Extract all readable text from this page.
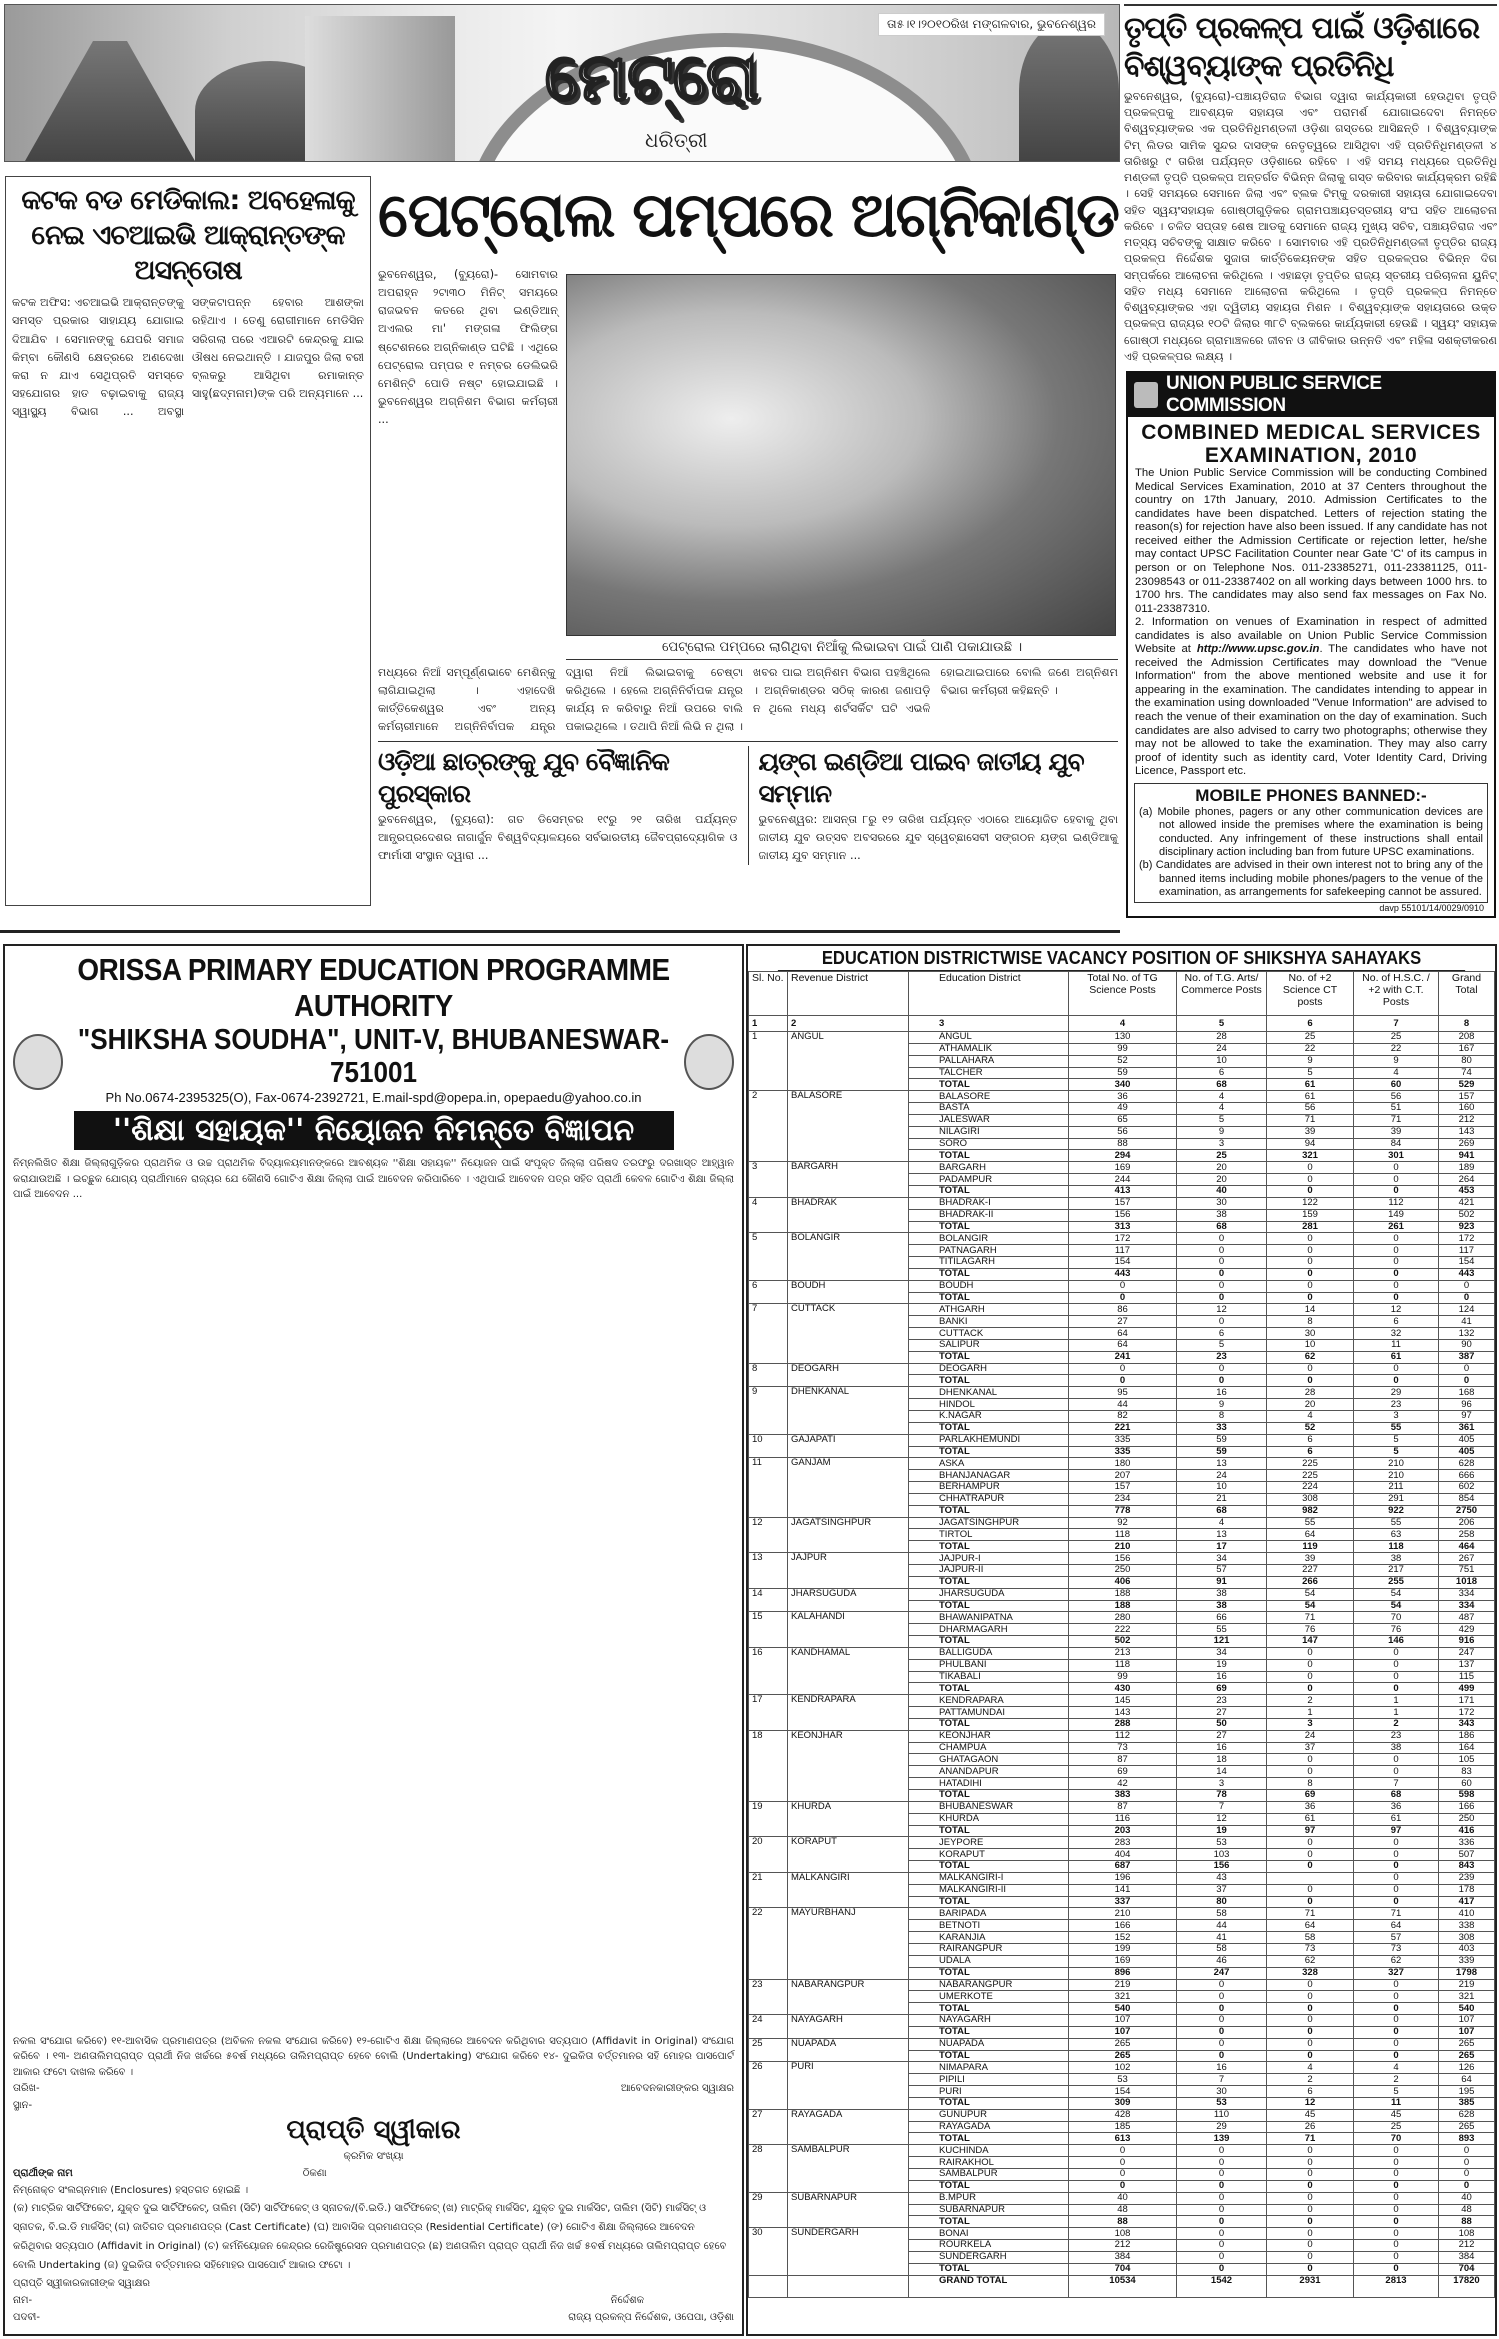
ମେଟ୍ରୋ
ଧରିତ୍ରୀ
ତା୫।୧।୨୦୧୦ରିଖ ମଙ୍ଗଳବାର, ଭୁବନେଶ୍ୱର ତୃପ୍ତି ପ୍ରକଳ୍ପ ପାଇଁ ଓଡ଼ିଶାରେ ବିଶ୍ୱବ୍ୟାଙ୍କ ପ୍ରତିନିଧି
ଭୁବନେଶ୍ୱର, (ବ୍ୟୁରୋ)-ପଞ୍ଚାୟତିରାଜ ବିଭାଗ ଦ୍ୱାରା କାର୍ଯ୍ୟକାରୀ ହେଉଥିବା ତୃପ୍ତି ପ୍ରକଳ୍ପକୁ ଆବଶ୍ୟକ ସହାୟତା ଏବଂ ପରାମର୍ଶ ଯୋଗାଇଦେବା ନିମନ୍ତେ ବିଶ୍ୱବ୍ୟାଙ୍କର ଏକ ପ୍ରତିନିଧିମଣ୍ଡଳୀ ଓଡ଼ିଶା ଗସ୍ତରେ ଆସିଛନ୍ତି । ବିଶ୍ୱବ୍ୟାଙ୍କ ଟିମ୍ ଲିଡର ସାମିକ ସୁନ୍ଦର ଦାସଙ୍କ ନେତୃତ୍ୱରେ ଆସିଥିବା ଏହି ପ୍ରତିନିଧିମଣ୍ଡଳୀ ୪ ତାରିଖରୁ ୯ ତାରିଖ ପର୍ଯ୍ୟନ୍ତ ଓଡ଼ିଶାରେ ରହିବେ । ଏହି ସମୟ ମଧ୍ୟରେ ପ୍ରତିନିଧି ମଣ୍ଡଳୀ ତୃପ୍ତି ପ୍ରକଳ୍ପ ଅନ୍ତର୍ଗତ ବିଭିନ୍ନ ଜିଲାକୁ ଗସ୍ତ କରିବାର କାର୍ଯ୍ୟକ୍ରମ ରହିଛି । ସେହି ସମୟରେ ସେମାନେ ଜିଲା ଏବଂ ବ୍ଲକ ଟିମ୍‌କୁ ଦରକାରୀ ସହାୟତା ଯୋଗାଇଦେବା ସହିତ ସ୍ୱୟଂସହାୟକ ଗୋଷ୍ଠୀଗୁଡ଼ିକର ଗ୍ରାମପଞ୍ଚାୟତସ୍ତରୀୟ ସଂଘ ସହିତ ଆଲୋଚନା କରିବେ । ଚଳିତ ସପ୍ତାହ ଶେଷ ଆଡକୁ ସେମାନେ ରାଜ୍ୟ ମୁଖ୍ୟ ସଚିବ, ପଞ୍ଚାୟତିରାଜ ଏବଂ ମତ୍ସ୍ୟ ସଚିବଙ୍କୁ ସାକ୍ଷାତ କରିବେ । ସୋମବାର ଏହି ପ୍ରତିନିଧିମଣ୍ଡଳୀ ତୃପ୍ତିର ରାଜ୍ୟ ପ୍ରକଳ୍ପ ନିର୍ଦ୍ଦେଶକ ସୁଜାତା କାର୍ତ୍ତିକେୟନଙ୍କ ସହିତ ପ୍ରକଳ୍ପର ବିଭିନ୍ନ ଦିଗ ସମ୍ପର୍କରେ ଆଲୋଚନା କରିଥିଲେ । ଏହାଛଡ଼ା ତୃପ୍ତିର ରାଜ୍ୟ ସ୍ତରୀୟ ପରିଚାଳନା ୟୁନିଟ୍ ସହିତ ମଧ୍ୟ ସେମାନେ ଆଲୋଚନା କରିଥିଲେ । ତୃପ୍ତି ପ୍ରକଳ୍ପ ନିମନ୍ତେ ବିଶ୍ୱବ୍ୟାଙ୍କର ଏହା ଦ୍ୱିତୀୟ ସହାୟତା ମିଶନ । ବିଶ୍ୱବ୍ୟାଙ୍କ ସହାୟତାରେ ଉକ୍ତ ପ୍ରକଳ୍ପ ରାଜ୍ୟର ୧୦ଟି ଜିଲାର ୩୮ଟି ବ୍ଲକରେ କାର୍ଯ୍ୟକାରୀ ହେଉଛି । ସ୍ୱୟଂ ସହାୟକ ଗୋଷ୍ଠୀ ମଧ୍ୟରେ ଗ୍ରାମାଞ୍ଚଳରେ ଜୀବନ ଓ ଜୀବିକାର ଉନ୍ନତି ଏବଂ ମହିଳା ସଶକ୍ତୀକରଣ ଏହି ପ୍ରକଳ୍ପର ଲକ୍ଷ୍ୟ ।
UNION PUBLIC SERVICE COMMISSION
COMBINED MEDICAL SERVICES EXAMINATION, 2010

The Union Public Service Commission will be conducting Combined Medical Services Examination, 2010 at 37 Centers throughout the country on 17th January, 2010. Admission Certificates to the candidates have been dispatched. Letters of rejection stating the reason(s) for rejection have also been issued. If any candidate has not received either the Admission Certificate or rejection letter, he/she may contact UPSC Facilitation Counter near Gate 'C' of its campus in person or on Telephone Nos. 011-23385271, 011-23381125, 011-23098543 or 011-23387402 on all working days between 1000 hrs. to 1700 hrs. The candidates may also send fax messages on Fax No. 011-23387310.

2. Information on venues of Examination in respect of admitted candidates is also available on Union Public Service Commission Website at http://www.upsc.gov.in. The candidates who have not received the Admission Certificates may download the "Venue Information" from the above mentioned website and use it for appearing in the examination. The candidates intending to appear in the examination using downloaded "Venue Information" are advised to reach the venue of their examination on the day of examination. Such candidates are also advised to carry two photographs; otherwise they may not be allowed to take the examination. They may also carry proof of identity such as identity card, Voter Identity Card, Driving Licence, Passport etc.

MOBILE PHONES BANNED:-

(a) Mobile phones, pagers or any other communication devices are not allowed inside the premises where the examination is being conducted. Any infringement of these instructions shall entail disciplinary action including ban from future UPSC examinations.

(b) Candidates are advised in their own interest not to bring any of the banned items including mobile phones/pagers to the venue of the examination, as arrangements for safekeeping cannot be assured.

davp 55101/14/0029/0910
କଟକ ବଡ ମେଡିକାଲ: ଅବହେଳାକୁ ନେଇ ଏଚଆଇଭି ଆକ୍ରାନ୍ତଙ୍କ ଅସନ୍ତୋଷ
କଟକ ଅଫିସ: ଏଚଆଇଭି ଆକ୍ରାନ୍ତଙ୍କୁ ସମସ୍ତ ପ୍ରକାର ସାହାଯ୍ୟ ଯୋଗାଇ ଦିଆଯିବ । ସେମାନଙ୍କୁ ଯେପରି ସମାଜ କିମ୍ବା କୌଣସି କ୍ଷେତ୍ରରେ ଅଣଦେଖା କରା ନ ଯାଏ ସେଥିପ୍ରତି ସମସ୍ତେ ସହଯୋଗର ହାତ ବଢ଼ାଇବାକୁ ରାଜ୍ୟ ସ୍ୱାସ୍ଥ୍ୟ ବିଭାଗ ... ଅବସ୍ଥା ସଙ୍କଟାପନ୍ନ ହେବାର ଆଶଙ୍କା ରହିଥାଏ । ତେଣୁ ରୋଗୀମାନେ ମେଡିସିନ ସରିଗଲା ପରେ ଏଆରଟି କେନ୍ଦ୍ରକୁ ଯାଇ ଔଷଧ ନେଇଥାନ୍ତି । ଯାଜପୁର ଜିଲା ବରୀ ବ୍ଲକରୁ ଆସିଥିବା ରମାକାନ୍ତ ସାହୁ(ଛଦ୍ମନାମ)ଙ୍କ ପରି ଅନ୍ୟମାନେ ...
ପେଟ୍ରୋଲ ପମ୍ପରେ ଅଗ୍ନିକାଣ୍ଡ
ଭୁବନେଶ୍ୱର, (ବ୍ୟୁରୋ)- ସୋମବାର ଅପରାହ୍ନ ୨ଟା୩୦ ମିନିଟ୍ ସମୟରେ ରାଜଭବନ କତରେ ଥିବା ଇଣ୍ଡିଆନ୍ ଅଏଲର ମା' ମଙ୍ଗଳା ଫିଲିଙ୍ଗ ଷ୍ଟେଶନରେ ଅଗ୍ନିକାଣ୍ଡ ଘଟିଛି । ଏଥିରେ ପେଟ୍ରୋଲ ପମ୍ପର ୧ ନମ୍ବର ଡେଲିଭରି ମେଶିନ୍‌ଟି ପୋଡି ନଷ୍ଟ ହୋଇଯାଇଛି । ଭୁବନେଶ୍ୱର ଅଗ୍ନିଶମ ବିଭାଗ କର୍ମଚାରୀ ...
ପେଟ୍ରୋଲ ପମ୍ପରେ ଲାଗିଥିବା ନିଆଁକୁ ଲିଭାଇବା ପାଇଁ ପାଣି ପକାଯାଉଛି ।
ମଧ୍ୟରେ ନିଆଁ ସମ୍ପୂର୍ଣ୍ଣଭାବେ ମେଶିନ୍‌କୁ ଲାଗିଯାଇଥିଲା । ଏହାଦେଖି କାର୍ତ୍ତିକେଶ୍ୱର ଏବଂ ଅନ୍ୟ କର୍ମଚାରୀମାନେ ଅଗ୍ନିନିର୍ବାପକ ଯନ୍ତ୍ର ଦ୍ୱାରା ନିଆଁ ଲିଭାଇବାକୁ ଚେଷ୍ଟା କରିଥିଲେ । ହେଲେ ଅଗ୍ନିନିର୍ବାପକ ଯନ୍ତ୍ର କାର୍ଯ୍ୟ ନ କରିବାରୁ ନିଆଁ ଉପରେ ବାଲି ପକାଇଥିଲେ । ତଥାପି ନିଆଁ ଲିଭି ନ ଥିଲା । ଖବର ପାଇ ଅଗ୍ନିଶମ ବିଭାଗ ପହଞ୍ଚିଥିଲେ । ଅଗ୍ନିକାଣ୍ଡର ସଠିକ୍ କାରଣ ଜଣାପଡ଼ି ନ ଥିଲେ ମଧ୍ୟ ଶର୍ଟସର୍କିଟ ଘଟି ଏଭଳି ହୋଇଥାଇପାରେ ବୋଲି ଜଣେ ଅଗ୍ନିଶମ ବିଭାଗ କର୍ମଚାରୀ କହିଛନ୍ତି ।
ଓଡ଼ିଆ ଛାତ୍ରଙ୍କୁ ଯୁବ ବୈଜ୍ଞାନିକ ପୁରସ୍କାର
ଭୁବନେଶ୍ୱର, (ବ୍ୟୁରୋ): ଗତ ଡିସେମ୍ବର ୧୯ରୁ ୨୧ ତାରିଖ ପର୍ଯ୍ୟନ୍ତ ଆନ୍ଧ୍ରପ୍ରଦେଶର ନାଗାର୍ଜୁନ ବିଶ୍ୱବିଦ୍ୟାଳୟରେ ସର୍ବଭାରତୀୟ ଜୈବପ୍ରାଦ୍ୟୋଗିକ ଓ ଫାର୍ମାସୀ ସଂସ୍ଥାନ ଦ୍ୱାରା ...
ୟଙ୍ଗ ଇଣ୍ଡିଆ ପାଇବ ଜାତୀୟ ଯୁବ ସମ୍ମାନ
ଭୁବନେଶ୍ୱର: ଆସନ୍ତା ୮ରୁ ୧୨ ତାରିଖ ପର୍ଯ୍ୟନ୍ତ ଏଠାରେ ଆୟୋଜିତ ହେବାକୁ ଥିବା ଜାତୀୟ ଯୁବ ଉତ୍ସବ ଅବସରରେ ଯୁବ ସ୍ୱେଚ୍ଛାସେବୀ ସଙ୍ଗଠନ ୟଙ୍ଗ ଇଣ୍ଡିଆକୁ ଜାତୀୟ ଯୁବ ସମ୍ମାନ ...
ORISSA PRIMARY EDUCATION PROGRAMME AUTHORITY
"SHIKSHA SOUDHA", UNIT-V, BHUBANESWAR-751001
Ph No.0674-2395325(O), Fax-0674-2392721, E.mail-spd@opepa.in, opepaedu@yahoo.co.in
''ଶିକ୍ଷା ସହାୟକ'' ନିୟୋଜନ ନିମନ୍ତେ ବିଜ୍ଞାପନ

ନିମ୍ନଲିଖିତ ଶିକ୍ଷା ଜିଲ୍ଲାଗୁଡ଼ିକର ପ୍ରାଥମିକ ଓ ଉଚ୍ଚ ପ୍ରାଥମିକ ବିଦ୍ୟାଳୟମାନଙ୍କରେ ଆବଶ୍ୟକ ''ଶିକ୍ଷା ସହାୟକ'' ନିୟୋଜନ ପାଇଁ ସଂପୃକ୍ତ ଜିଲ୍ଲା ପରିଷଦ ତରଫରୁ ଦରଖାସ୍ତ ଆହ୍ୱାନ କରାଯାଉଅଛି । ଇଚ୍ଛୁକ ଯୋଗ୍ୟ ପ୍ରାର୍ଥୀମାନେ ରାଜ୍ୟର ଯେ କୌଣସି ଗୋଟିଏ ଶିକ୍ଷା ଜିଲ୍ଲା ପାଇଁ ଆବେଦନ କରିପାରିବେ । ଏଥିପାଇଁ ଆବେଦନ ପତ୍ର ସହିତ ପ୍ରାର୍ଥୀ କେବଳ ଗୋଟିଏ ଶିକ୍ଷା ଜିଲ୍ଲା ପାଇଁ ଆବେଦନ ...

ନକଲ ସଂଯୋଗ କରିବେ) ୧୧-ଆବାସିକ ପ୍ରମାଣପତ୍ର (ଅବିକଳ ନକଲ ସଂଯୋଗ କରିବେ) ୧୨-ଗୋଟିଏ ଶିକ୍ଷା ଜିଲ୍ଲାରେ ଆବେଦନ କରିଥିବାର ସତ୍ୟପାଠ (Affidavit in Original) ସଂଯୋଗ କରିବେ । ୧୩- ଅଣତାଲିମପ୍ରାପ୍ତ ପ୍ରାର୍ଥୀ ନିଜ ଖର୍ଚ୍ଚରେ ୫ବର୍ଷ ମଧ୍ୟରେ ତାଲିମପ୍ରାପ୍ତ ହେବେ ବୋଲି (Undertaking) ସଂଯୋଗ କରିବେ ୧୪- ଦୁଇକିତା ବର୍ତ୍ତମାନର ସହି ମୋହର ପାସପୋର୍ଟ ଆକାର ଫଟୋ ଦାଖଲ କରିବେ ।

ତାରିଖ-	ଆବେଦନକାରୀଙ୍କର ସ୍ୱାକ୍ଷର
ସ୍ଥାନ-
ପ୍ରାପ୍ତି ସ୍ୱୀକାର
କ୍ରମିକ ସଂଖ୍ୟା
ପ୍ରାର୍ଥୀଙ୍କ ନାମ	ଠିକଣା
ନିମ୍ନୋକ୍ତ ସଂଲଗ୍ନମାନ (Enclosures) ହସ୍ତଗତ ହୋଇଛି ।
(କ) ମାଟ୍ରିକ ସାର୍ଟିଫିକେଟ, ଯୁକ୍ତ ଦୁଇ ସାର୍ଟିଫିକେଟ୍, ତାଲିମ (ସିଟି) ସାର୍ଟିଫିକେଟ୍ ଓ ସ୍ନାତକ/(ବି.ଇଡି.) ସାର୍ଟିଫିକେଟ୍ (ଖ) ମାଟ୍ରିକ୍ ମାର୍କସିଟ, ଯୁକ୍ତ ଦୁଇ ମାର୍କସିଟ, ତାଲିମ (ସିଟି) ମାର୍କସିଟ୍ ଓ ସ୍ନାତକ, ବି.ଇ.ଡି ମାର୍କସିଟ୍ (ଗ) ଜାତିଗତ ପ୍ରମାଣପତ୍ର (Cast Certificate) (ଘ) ଆବାସିକ ପ୍ରମାଣପତ୍ର (Residential Certificate) (ଙ) ଗୋଟିଏ ଶିକ୍ଷା ଜିଲ୍ଲାରେ ଆବେଦନ କରିଥିବାର ସତ୍ୟପାଠ (Affidavit in Original) (ଚ) କର୍ମନିୟୋଜନ କେନ୍ଦ୍ରର ରେଜିଷ୍ଟ୍ରେସନ ପ୍ରମାଣପତ୍ର (ଛ) ଅଣତାଲିମ ପ୍ରାପ୍ତ ପ୍ରାର୍ଥୀ ନିଜ ଖର୍ଚ୍ଚ ୫ବର୍ଷ ମଧ୍ୟରେ ତାଲିମପ୍ରାପ୍ତ ହେବେ ବୋଲି Undertaking (ଜ) ଦୁଇକିତା ବର୍ତ୍ତମାନର ସହିମୋହର ପାସପୋର୍ଟ ଆକାର ଫଟୋ ।
ପ୍ରାପ୍ତି ସ୍ୱୀକାରକାରୀଙ୍କ ସ୍ୱାକ୍ଷର
ନାମ-	ନିର୍ଦ୍ଦେଶକ
ପଦବୀ-	ରାଜ୍ୟ ପ୍ରକଳ୍ପ ନିର୍ଦ୍ଦେଶକ, ଓପେପା, ଓଡ଼ିଶା
EDUCATION DISTRICTWISE VACANCY POSITION OF SHIKSHYA SAHAYAKS
Sl. No.	Revenue District	Education District	Total No. of TG Science Posts	No. of T.G. Arts/ Commerce Posts	No. of +2 Science CT posts	No. of H.S.C. / +2 with C.T. Posts	Grand Total
1	2	3	4	5	6	7	8
1	ANGUL	ANGUL	130	28	25	25	208
		ATHAMALIK	99	24	22	22	167
		PALLAHARA	52	10	9	9	80
		TALCHER	59	6	5	4	74
		TOTAL	340	68	61	60	529
2	BALASORE	BALASORE	36	4	61	56	157
		BASTA	49	4	56	51	160
		JALESWAR	65	5	71	71	212
		NILAGIRI	56	9	39	39	143
		SORO	88	3	94	84	269
		TOTAL	294	25	321	301	941
3	BARGARH	BARGARH	169	20	0	0	189
		PADAMPUR	244	20	0	0	264
		TOTAL	413	40	0	0	453
4	BHADRAK	BHADRAK-I	157	30	122	112	421
		BHADRAK-II	156	38	159	149	502
		TOTAL	313	68	281	261	923
5	BOLANGIR	BOLANGIR	172	0	0	0	172
		PATNAGARH	117	0	0	0	117
		TITILAGARH	154	0	0	0	154
		TOTAL	443	0	0	0	443
6	BOUDH	BOUDH	0	0	0	0	0
		TOTAL	0	0	0	0	0
7	CUTTACK	ATHGARH	86	12	14	12	124
		BANKI	27	0	8	6	41
		CUTTACK	64	6	30	32	132
		SALIPUR	64	5	10	11	90
		TOTAL	241	23	62	61	387
8	DEOGARH	DEOGARH	0	0	0	0	0
		TOTAL	0	0	0	0	0
9	DHENKANAL	DHENKANAL	95	16	28	29	168
		HINDOL	44	9	20	23	96
		K.NAGAR	82	8	4	3	97
		TOTAL	221	33	52	55	361
10	GAJAPATI	PARLAKHEMUNDI	335	59	6	5	405
		TOTAL	335	59	6	5	405
11	GANJAM	ASKA	180	13	225	210	628
		BHANJANAGAR	207	24	225	210	666
		BERHAMPUR	157	10	224	211	602
		CHHATRAPUR	234	21	308	291	854
		TOTAL	778	68	982	922	2750
12	JAGATSINGHPUR	JAGATSINGHPUR	92	4	55	55	206
		TIRTOL	118	13	64	63	258
		TOTAL	210	17	119	118	464
13	JAJPUR	JAJPUR-I	156	34	39	38	267
		JAJPUR-II	250	57	227	217	751
		TOTAL	406	91	266	255	1018
14	JHARSUGUDA	JHARSUGUDA	188	38	54	54	334
		TOTAL	188	38	54	54	334
15	KALAHANDI	BHAWANIPATNA	280	66	71	70	487
		DHARMAGARH	222	55	76	76	429
		TOTAL	502	121	147	146	916
16	KANDHAMAL	BALLIGUDA	213	34	0	0	247
		PHULBANI	118	19	0	0	137
		TIKABALI	99	16	0	0	115
		TOTAL	430	69	0	0	499
17	KENDRAPARA	KENDRAPARA	145	23	2	1	171
		PATTAMUNDAI	143	27	1	1	172
		TOTAL	288	50	3	2	343
18	KEONJHAR	KEONJHAR	112	27	24	23	186
		CHAMPUA	73	16	37	38	164
		GHATAGAON	87	18	0	0	105
		ANANDAPUR	69	14	0	0	83
		HATADIHI	42	3	8	7	60
		TOTAL	383	78	69	68	598
19	KHURDA	BHUBANESWAR	87	7	36	36	166
		KHURDA	116	12	61	61	250
		TOTAL	203	19	97	97	416
20	KORAPUT	JEYPORE	283	53	0	0	336
		KORAPUT	404	103	0	0	507
		TOTAL	687	156	0	0	843
21	MALKANGIRI	MALKANGIRI-I	196	43		0	239
		MALKANGIRI-II	141	37	0	0	178
		TOTAL	337	80	0	0	417
22	MAYURBHANJ	BARIPADA	210	58	71	71	410
		BETNOTI	166	44	64	64	338
		KARANJIA	152	41	58	57	308
		RAIRANGPUR	199	58	73	73	403
		UDALA	169	46	62	62	339
		TOTAL	896	247	328	327	1798
23	NABARANGPUR	NABARANGPUR	219	0	0	0	219
		UMERKOTE	321	0	0	0	321
		TOTAL	540	0	0	0	540
24	NAYAGARH	NAYAGARH	107	0	0	0	107
		TOTAL	107	0	0	0	107
25	NUAPADA	NUAPADA	265	0	0	0	265
		TOTAL	265	0	0	0	265
26	PURI	NIMAPARA	102	16	4	4	126
		PIPILI	53	7	2	2	64
		PURI	154	30	6	5	195
		TOTAL	309	53	12	11	385
27	RAYAGADA	GUNUPUR	428	110	45	45	628
		RAYAGADA	185	29	26	25	265
		TOTAL	613	139	71	70	893
28	SAMBALPUR	KUCHINDA	0	0	0	0	0
		RAIRAKHOL	0	0	0	0	0
		SAMBALPUR	0	0	0	0	0
		TOTAL	0	0	0	0	0
29	SUBARNAPUR	B.MPUR	40	0	0	0	40
		SUBARNAPUR	48	0	0	0	48
		TOTAL	88	0	0	0	88
30	SUNDERGARH	BONAI	108	0	0	0	108
		ROURKELA	212	0	0	0	212
		SUNDERGARH	384	0	0	0	384
		TOTAL	704	0	0	0	704
		GRAND TOTAL	10534	1542	2931	2813	17820
